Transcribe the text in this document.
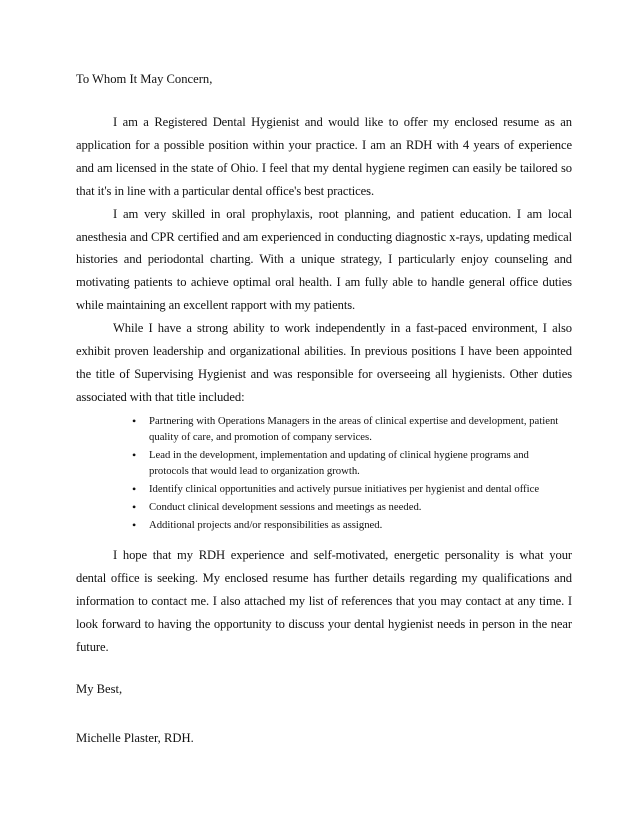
To Whom It May Concern,

I am a Registered Dental Hygienist and would like to offer my enclosed resume as an application for a possible position within your practice. I am an RDH with 4 years of experience and am licensed in the state of Ohio. I feel that my dental hygiene regimen can easily be tailored so that it's in line with a particular dental office's best practices.

I am very skilled in oral prophylaxis, root planning, and patient education. I am local anesthesia and CPR certified and am experienced in conducting diagnostic x-rays, updating medical histories and periodontal charting. With a unique strategy, I particularly enjoy counseling and motivating patients to achieve optimal oral health. I am fully able to handle general office duties while maintaining an excellent rapport with my patients.

While I have a strong ability to work independently in a fast-paced environment, I also exhibit proven leadership and organizational abilities. In previous positions I have been appointed the title of Supervising Hygienist and was responsible for overseeing all hygienists. Other duties associated with that title included:

• Partnering with Operations Managers in the areas of clinical expertise and development, patient quality of care, and promotion of company services.
• Lead in the development, implementation and updating of clinical hygiene programs and protocols that would lead to organization growth.
• Identify clinical opportunities and actively pursue initiatives per hygienist and dental office
• Conduct clinical development sessions and meetings as needed.
• Additional projects and/or responsibilities as assigned.

I hope that my RDH experience and self-motivated, energetic personality is what your dental office is seeking. My enclosed resume has further details regarding my qualifications and information to contact me. I also attached my list of references that you may contact at any time. I look forward to having the opportunity to discuss your dental hygienist needs in person in the near future.

My Best,

Michelle Plaster, RDH.
